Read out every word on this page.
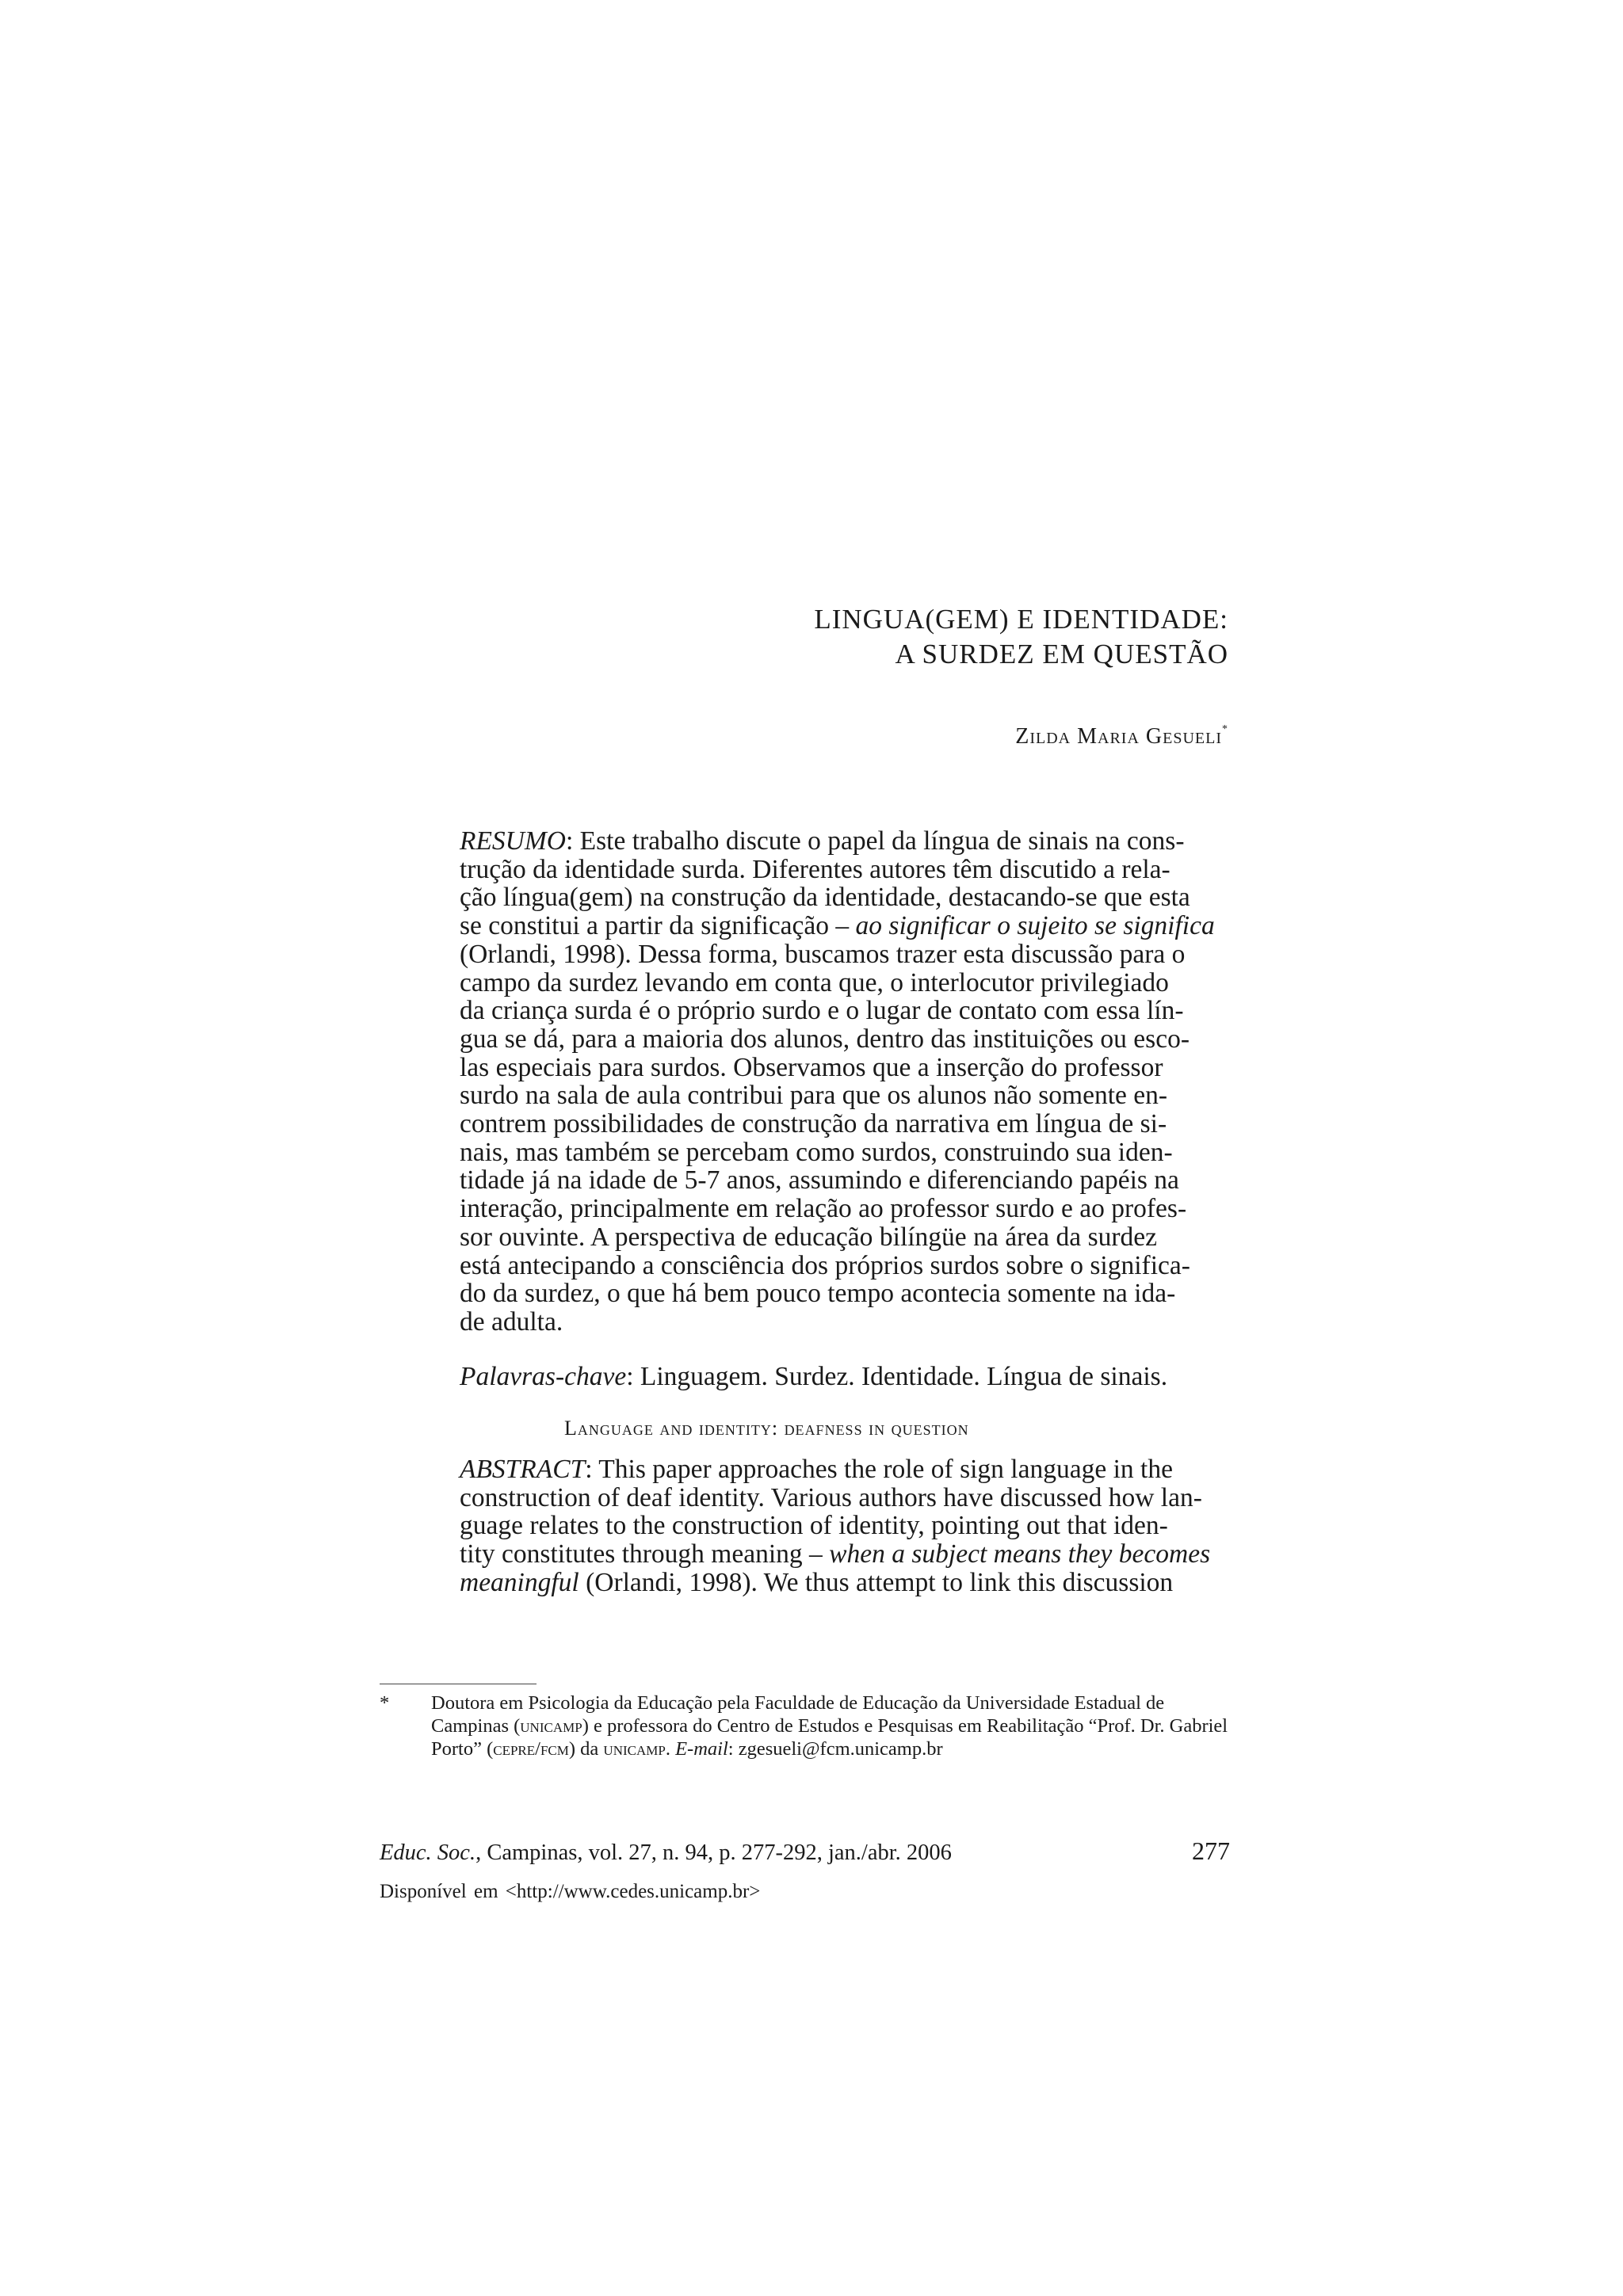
LINGUA(GEM) E IDENTIDADE:
A SURDEZ EM QUESTÃO
Zilda Maria Gesueli*
RESUMO: Este trabalho discute o papel da língua de sinais na cons-
trução da identidade surda. Diferentes autores têm discutido a rela-
ção língua(gem) na construção da identidade, destacando-se que esta
se constitui a partir da significação – ao significar o sujeito se significa
(Orlandi, 1998). Dessa forma, buscamos trazer esta discussão para o
campo da surdez levando em conta que, o interlocutor privilegiado
da criança surda é o próprio surdo e o lugar de contato com essa lín-
gua se dá, para a maioria dos alunos, dentro das instituições ou esco-
las especiais para surdos. Observamos que a inserção do professor
surdo na sala de aula contribui para que os alunos não somente en-
contrem possibilidades de construção da narrativa em língua de si-
nais, mas também se percebam como surdos, construindo sua iden-
tidade já na idade de 5-7 anos, assumindo e diferenciando papéis na
interação, principalmente em relação ao professor surdo e ao profes-
sor ouvinte. A perspectiva de educação bilíngüe na área da surdez
está antecipando a consciência dos próprios surdos sobre o significa-
do da surdez, o que há bem pouco tempo acontecia somente na ida-
de adulta.
Palavras-chave: Linguagem. Surdez. Identidade. Língua de sinais.
Language and identity: deafness in question
ABSTRACT: This paper approaches the role of sign language in the
construction of deaf identity. Various authors have discussed how lan-
guage relates to the construction of identity, pointing out that iden-
tity constitutes through meaning – when a subject means they becomes
meaningful (Orlandi, 1998). We thus attempt to link this discussion
* Doutora em Psicologia da Educação pela Faculdade de Educação da Universidade Estadual de Campinas (unicamp) e professora do Centro de Estudos e Pesquisas em Reabilitação “Prof. Dr. Gabriel Porto” (cepre/fcm) da unicamp. E-mail: zgesueli@fcm.unicamp.br
Educ. Soc., Campinas, vol. 27, n. 94, p. 277-292, jan./abr. 2006	277
Disponível em <http://www.cedes.unicamp.br>
